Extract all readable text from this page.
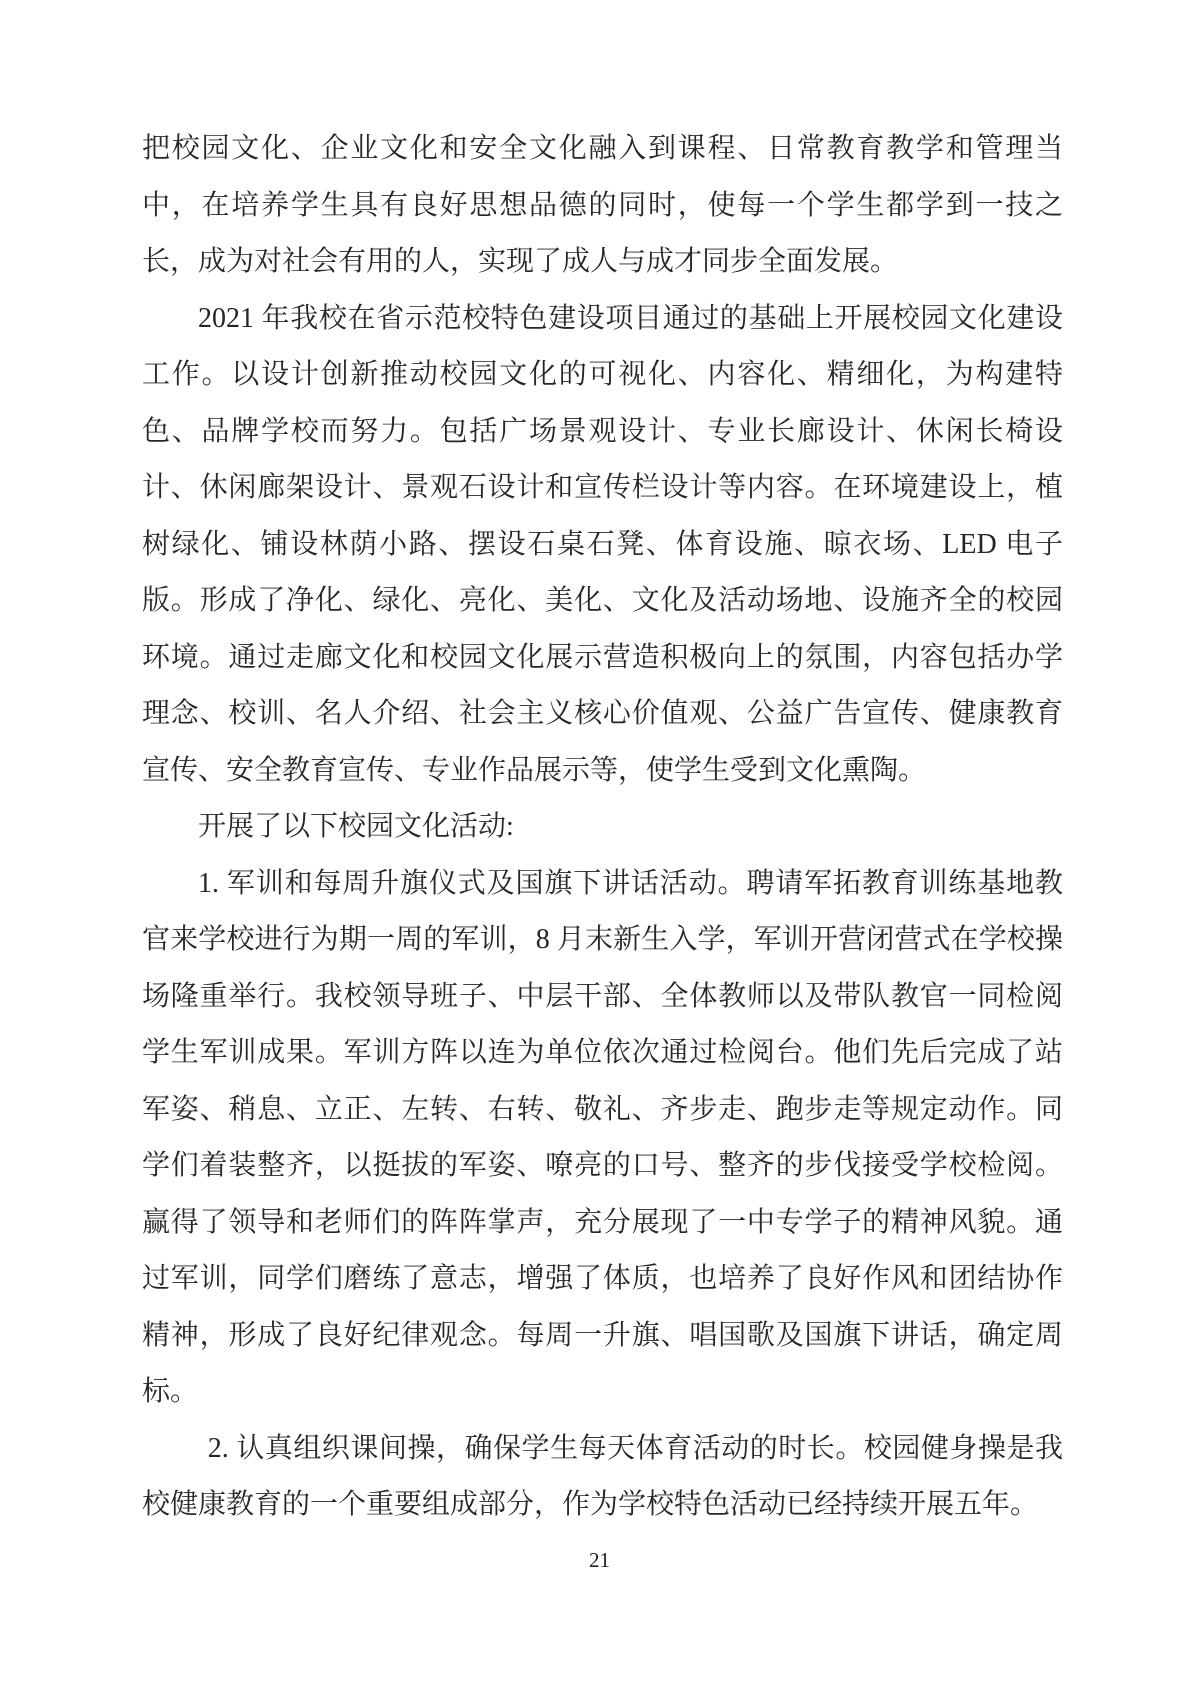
把校园文化、企业文化和安全文化融入到课程、日常教育教学和管理当中，在培养学生具有良好思想品德的同时，使每一个学生都学到一技之长，成为对社会有用的人，实现了成人与成才同步全面发展。

2021 年我校在省示范校特色建设项目通过的基础上开展校园文化建设工作。以设计创新推动校园文化的可视化、内容化、精细化，为构建特色、品牌学校而努力。包括广场景观设计、专业长廊设计、休闲长椅设计、休闲廊架设计、景观石设计和宣传栏设计等内容。在环境建设上，植树绿化、铺设林荫小路、摆设石桌石凳、体育设施、晾衣场、LED 电子版。形成了净化、绿化、亮化、美化、文化及活动场地、设施齐全的校园环境。通过走廊文化和校园文化展示营造积极向上的氛围，内容包括办学理念、校训、名人介绍、社会主义核心价值观、公益广告宣传、健康教育宣传、安全教育宣传、专业作品展示等，使学生受到文化熏陶。

开展了以下校园文化活动:

1. 军训和每周升旗仪式及国旗下讲话活动。聘请军拓教育训练基地教官来学校进行为期一周的军训，8 月末新生入学，军训开营闭营式在学校操场隆重举行。我校领导班子、中层干部、全体教师以及带队教官一同检阅学生军训成果。军训方阵以连为单位依次通过检阅台。他们先后完成了站军姿、稍息、立正、左转、右转、敬礼、齐步走、跑步走等规定动作。同学们着装整齐，以挺拔的军姿、嘹亮的口号、整齐的步伐接受学校检阅。赢得了领导和老师们的阵阵掌声，充分展现了一中专学子的精神风貌。通过军训，同学们磨练了意志，增强了体质，也培养了良好作风和团结协作精神，形成了良好纪律观念。每周一升旗、唱国歌及国旗下讲话，确定周标。

2. 认真组织课间操，确保学生每天体育活动的时长。校园健身操是我校健康教育的一个重要组成部分，作为学校特色活动已经持续开展五年。

21
